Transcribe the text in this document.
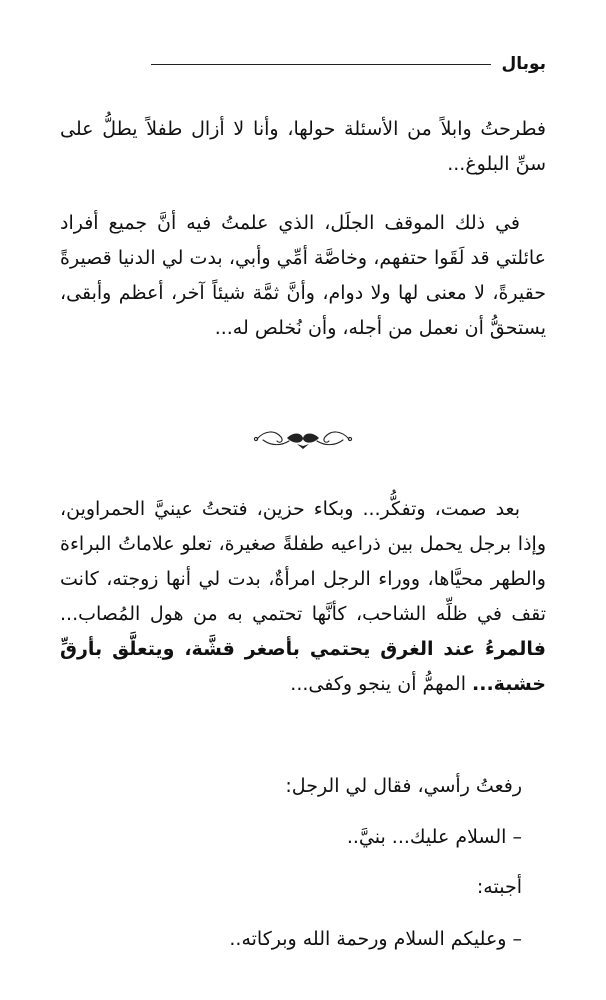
بوبال
فطرحتُ وابلاً من الأسئلة حولها، وأنا لا أزال طفلاً يطلُّ على سنِّ البلوغ...
في ذلك الموقف الجلَل، الذي علمتُ فيه أنَّ جميع أفراد عائلتي قد لَقَوا حتفهم، وخاصَّة أمِّي وأبي، بدت لي الدنيا قصيرةً حقيرةً، لا معنى لها ولا دوام، وأنَّ ثمَّة شيئاً آخر، أعظم وأبقى، يستحقُّ أن نعمل من أجله، وأن نُخلص له...
بعد صمت، وتفكُّر... وبكاء حزين، فتحتُ عينيَّ الحمراوين، وإذا برجل يحمل بين ذراعيه طفلةً صغيرة، تعلو علاماتُ البراءة والطهر محيَّاها، ووراء الرجل امرأةٌ، بدت لي أنها زوجته، كانت تقف في ظلِّه الشاحب، كأنَّها تحتمي به من هول المُصاب... فالمرءُ عند الغرق يحتمي بأصغر قشَّة، ويتعلَّق بأرقِّ خشبة... المهمُّ أن ينجو وكفى...
رفعتُ رأسي، فقال لي الرجل:
– السلام عليك... بنيَّ..
أجبته:
– وعليكم السلام ورحمة الله وبركاته..
